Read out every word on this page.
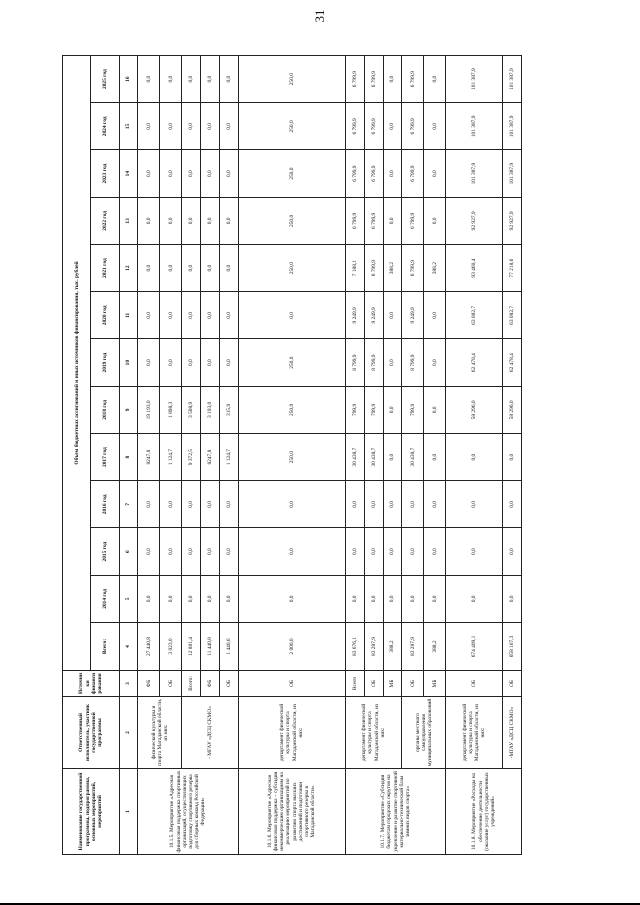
31
Наименование государственной программы, подпрограммы, основных мероприятий, мероприятий	Ответственный исполнитель, участник государственной программы	Источники финансирования	Объем бюджетных ассигнований и иных источников финансирования, тыс. рублей												
			Всего:	2014 год	2015 год	2016 год	2017 год	2018 год	2019 год	2020 год	2021 год	2022 год	2023 год	2024 год	2025 год
1	2	3	4	5	6	7	8	9	10	11	12	13	14	15	16
10.1.5. Мероприятие «Адресная финансовая поддержка спортивных организаций, осуществляющих подготовку спортивного резерва для сборных команд Российской Федерации»	физической культуры и спорта Магаданской области, из них:	ФБ	27 440,8	0,0	0,0	0,0	8247,8	19 193,0	0,0	0,0	0,0	0,0	0,0	0,0	0,0
		ОБ	3 023,0	0,0	0,0	0,0	1 124,7	1 898,3	0,0	0,0	0,0	0,0	0,0	0,0	0,0
	- МГАУ «ДСЦ СКМО»	Всего:	12 881,4	0,0	0,0	0,0	9 372,5	3 508,9	0,0	0,0	0,0	0,0	0,0	0,0	0,0
		ФБ	11 440,8	0,0	0,0	0,0	8247,8	3 193,0	0,0	0,0	0,0	0,0	0,0	0,0	0,0
		ОБ	1 440,6	0,0	0,0	0,0	1 124,7	315,9	0,0	0,0	0,0	0,0	0,0	0,0	0,0
10.1.6. Мероприятие «Адресная финансовая поддержка – субсидии некоммерческим организациям на реализацию мероприятий по развитию спорта высших достижений и подготовки спортивного резерва в Магаданской области»	департамент физической культуры и спорта Магаданской области, из них:	ОБ	2 000,0	0,0	0,0	0,0	250,0	250,0	250,0	0,0	250,0	250,0	250,0	250,0	250,0
10.1.7. Мероприятие «Субсидии бюджетам городских округов на укрепление и развитие спортивной материально-технической базы зимних видов спорта»	департамент физической культуры и спорта Магаданской области, из них:	Всего	83 676,1	0,0	0,0	0,0	30 438,7	799,9	8 799,9	9 249,9	7 188,1	6 799,9	6 799,9	6 799,9	6 799,9
		ОБ	83 287,9	0,0	0,0	0,0	30 438,7	799,9	8 799,9	9 249,9	6 799,9	6 799,9	6 799,9	6 799,9	6 799,9
		МБ	388,2	0,0	0,0	0,0	0,0	0,0	0,0	0,0	388,2	0,0	0,0	0,0	0,0
	органы местного самоуправления муниципальных образований	ОБ	83 287,9	0,0	0,0	0,0	30 438,7	799,9	8 799,9	9 249,9	6 799,9	6 799,9	6 799,9	6 799,9	6 799,9
		МБ	388,2	0,0	0,0	0,0	0,0	0,0	0,0	0,0	388,2	0,0	0,0	0,0	0,0
10.1.8. Мероприятие «Расходы на обеспечение деятельности (оказание услуг) государственных учреждений»	департамент физической культуры и спорта Магаданской области, из них:	ОБ	674 409,1	0,0	0,0	0,0	0,0	58 296,0	62 478,4	63 082,7	93 460,4	92 927,9	101 387,9	101 387,9	101 387,9
	-МГАУ «ДСЦ СКМО»	ОБ	658 167,3	0,0	0,0	0,0	0,0	58 296,0	62 478,4	63 082,7	77 218,6	92 927,9	101 387,9	101 387,9	101 387,9
